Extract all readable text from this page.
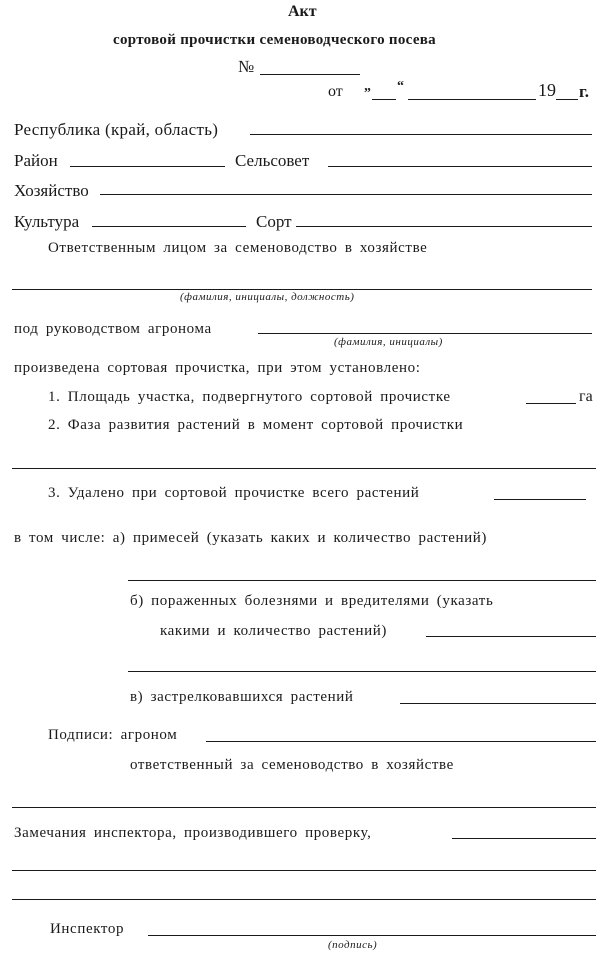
Акт
сортовой прочистки семеноводческого посева
№
от „ “	19 г.
Республика (край, область)
Район	Сельсовет
Хозяйство
Культура	Сорт
Ответственным лицом за семеноводство в хозяйстве
(фамилия, инициалы, должность)
под руководством агронома
(фамилия, инициалы)
произведена сортовая прочистка, при этом установлено:
1. Площадь участка, подвергнутого сортовой прочистке	га
2. Фаза развития растений в момент сортовой прочистки
3. Удалено при сортовой прочистке всего растений
в том числе: а) примесей (указать каких и количество растений)
б) пораженных болезнями и вредителями (указать
какими и количество растений)
в) застрелковавшихся растений
Подписи: агроном
ответственный за семеноводство в хозяйстве
Замечания инспектора, производившего проверку,
Инспектор
(подпись)
